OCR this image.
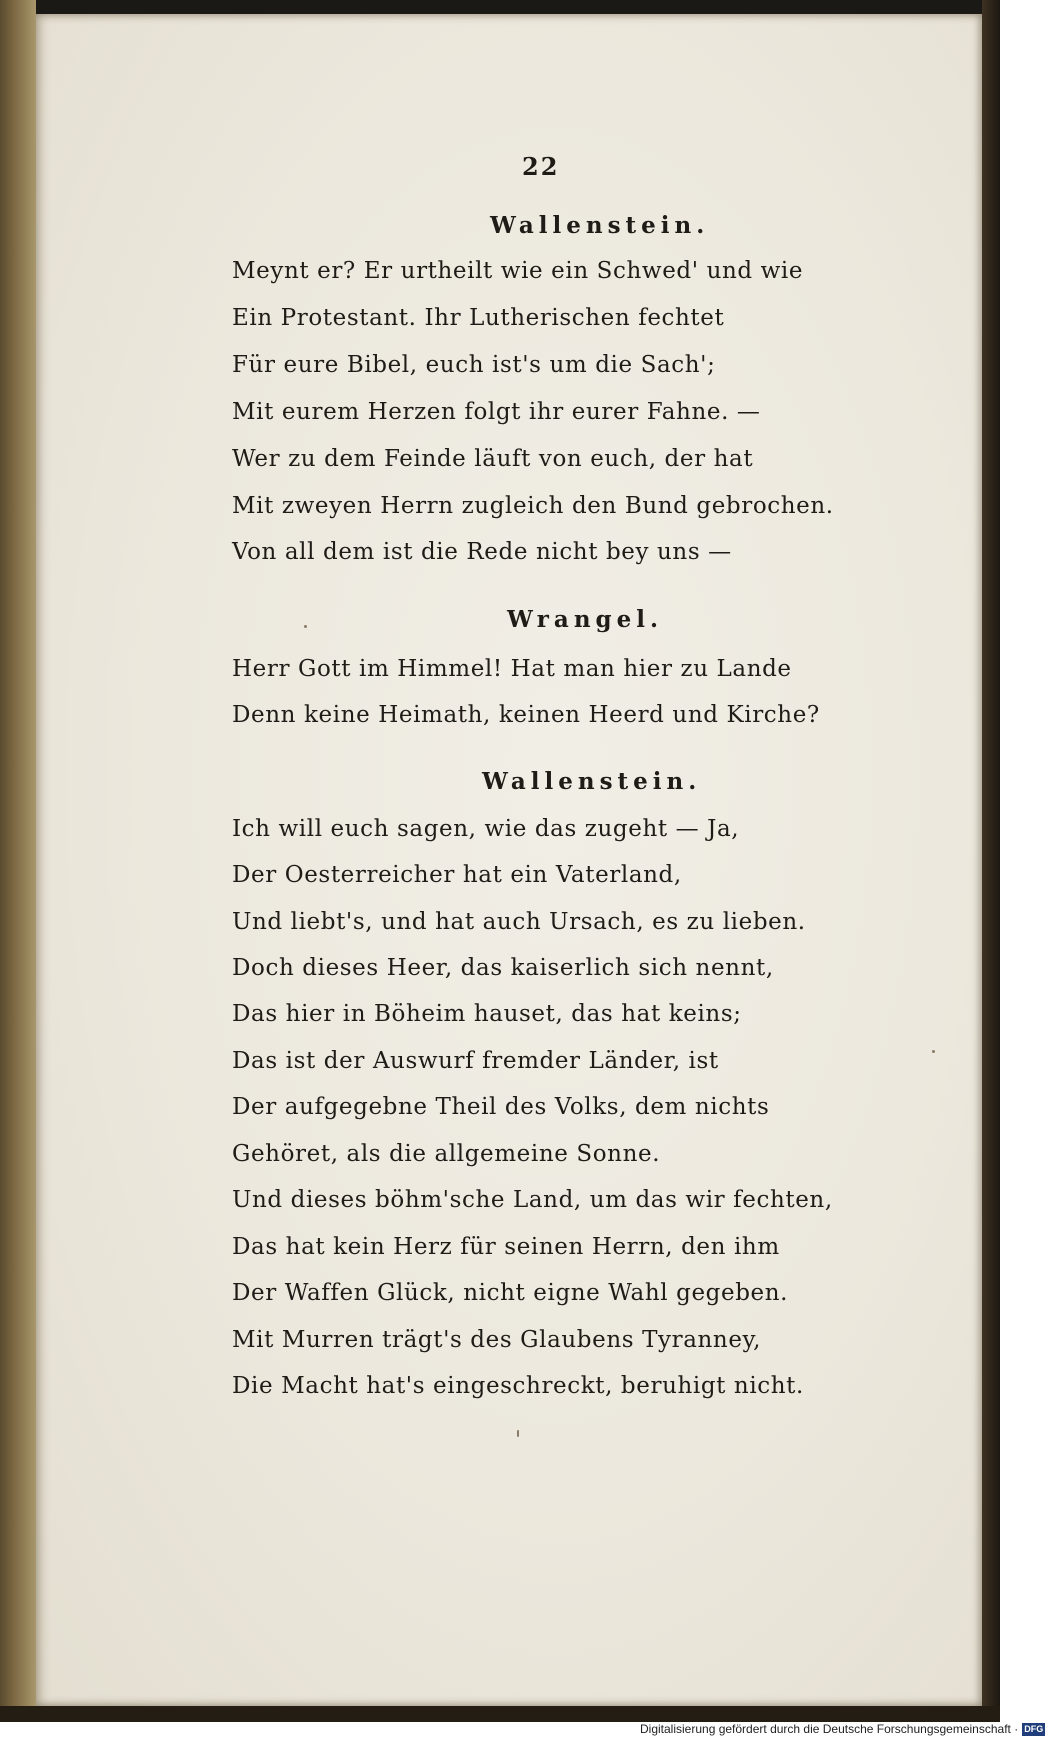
22
Wallenstein.
Meynt er? Er urtheilt wie ein Schwed' und wie
Ein Protestant. Ihr Lutherischen fechtet
Für eure Bibel, euch ist's um die Sach';
Mit eurem Herzen folgt ihr eurer Fahne. —
Wer zu dem Feinde läuft von euch, der hat
Mit zweyen Herrn zugleich den Bund gebrochen.
Von all dem ist die Rede nicht bey uns —
Wrangel.
Herr Gott im Himmel! Hat man hier zu Lande
Denn keine Heimath, keinen Heerd und Kirche?
Wallenstein.
Ich will euch sagen, wie das zugeht — Ja,
Der Oesterreicher hat ein Vaterland,
Und liebt's, und hat auch Ursach, es zu lieben.
Doch dieses Heer, das kaiserlich sich nennt,
Das hier in Böheim hauset, das hat keins;
Das ist der Auswurf fremder Länder, ist
Der aufgegebne Theil des Volks, dem nichts
Gehöret, als die allgemeine Sonne.
Und dieses böhm'sche Land, um das wir fechten,
Das hat kein Herz für seinen Herrn, den ihm
Der Waffen Glück, nicht eigne Wahl gegeben.
Mit Murren trägt's des Glaubens Tyranney,
Die Macht hat's eingeschreckt, beruhigt nicht.
Digitalisierung gefördert durch die Deutsche Forschungsgemeinschaft · DFG
